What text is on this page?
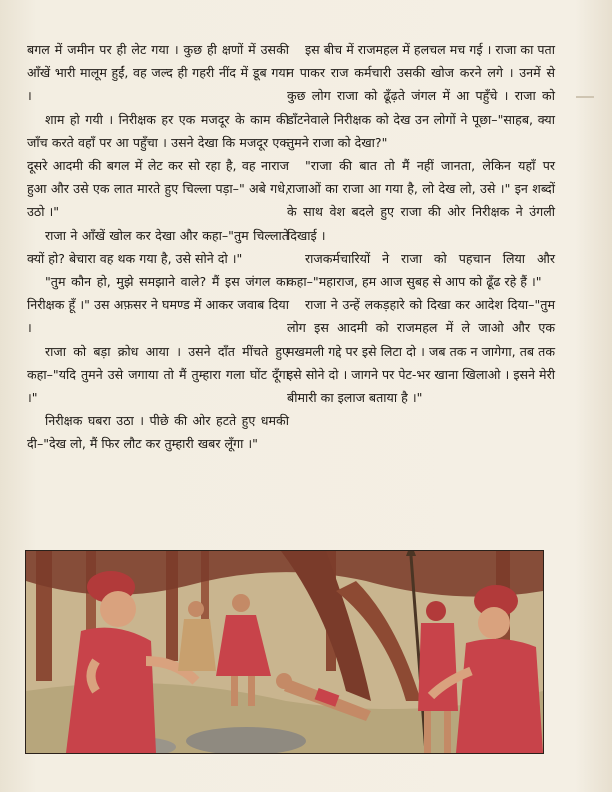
बगल में जमीन पर ही लेट गया । कुछ ही क्षणों में उसकी आँखें भारी मालूम हुईं, वह जल्द ही गहरी नींद में डूब गया ।

शाम हो गयी । निरीक्षक हर एक मजदूर के काम की जाँच करते वहाँ पर आ पहुँचा । उसने देखा कि मजदूर एक दूसरे आदमी की बगल में लेट कर सो रहा है, वह नाराज हुआ और उसे एक लात मारते हुए चिल्ला पड़ा–" अबे गधे, उठो ।"

राजा ने आँखें खोल कर देखा और कहा–"तुम चिल्लाते क्यों हो? बेचारा वह थक गया है, उसे सोने दो ।"

"तुम कौन हो, मुझे समझाने वाले? मैं इस जंगल का निरीक्षक हूँ ।" उस अफ़सर ने घमण्ड में आकर जवाब दिया ।

राजा को बड़ा क्रोध आया । उसने दाँत मींचते हुए कहा–"यदि तुमने उसे जगाया तो मैं तुम्हारा गला घोंट दूँगा ।"

निरीक्षक घबरा उठा । पीछे की ओर हटते हुए धमकी दी–"देख लो, मैं फिर लौट कर तुम्हारी खबर लूँगा ।"

इस बीच में राजमहल में हलचल मच गई । राजा का पता न पाकर राज कर्मचारी उसकी खोज करने लगे । उनमें से कुछ लोग राजा को ढूँढ़ते जंगल में आ पहुँचे । राजा को डाँटनेवाले निरीक्षक को देख उन लोगों ने पूछा–"साहब, क्या तुमने राजा को देखा?"

"राजा की बात तो मैं नहीं जानता, लेकिन यहाँ पर राजाओं का राजा आ गया है, लो देख लो, उसे ।" इन शब्दों के साथ वेश बदले हुए राजा की ओर निरीक्षक ने उंगली दिखाई ।

राजकर्मचारियों ने राजा को पहचान लिया और कहा–"महाराज, हम आज सुबह से आप को ढूँढ रहे हैं ।"

राजा ने उन्हें लकड़हारे को दिखा कर आदेश दिया–"तुम लोग इस आदमी को राजमहल में ले जाओ और एक मखमली गद्दे पर इसे लिटा दो । जब तक न जागेगा, तब तक इसे सोने दो । जागने पर पेट-भर खाना खिलाओ । इसने मेरी बीमारी का इलाज बताया है ।"
